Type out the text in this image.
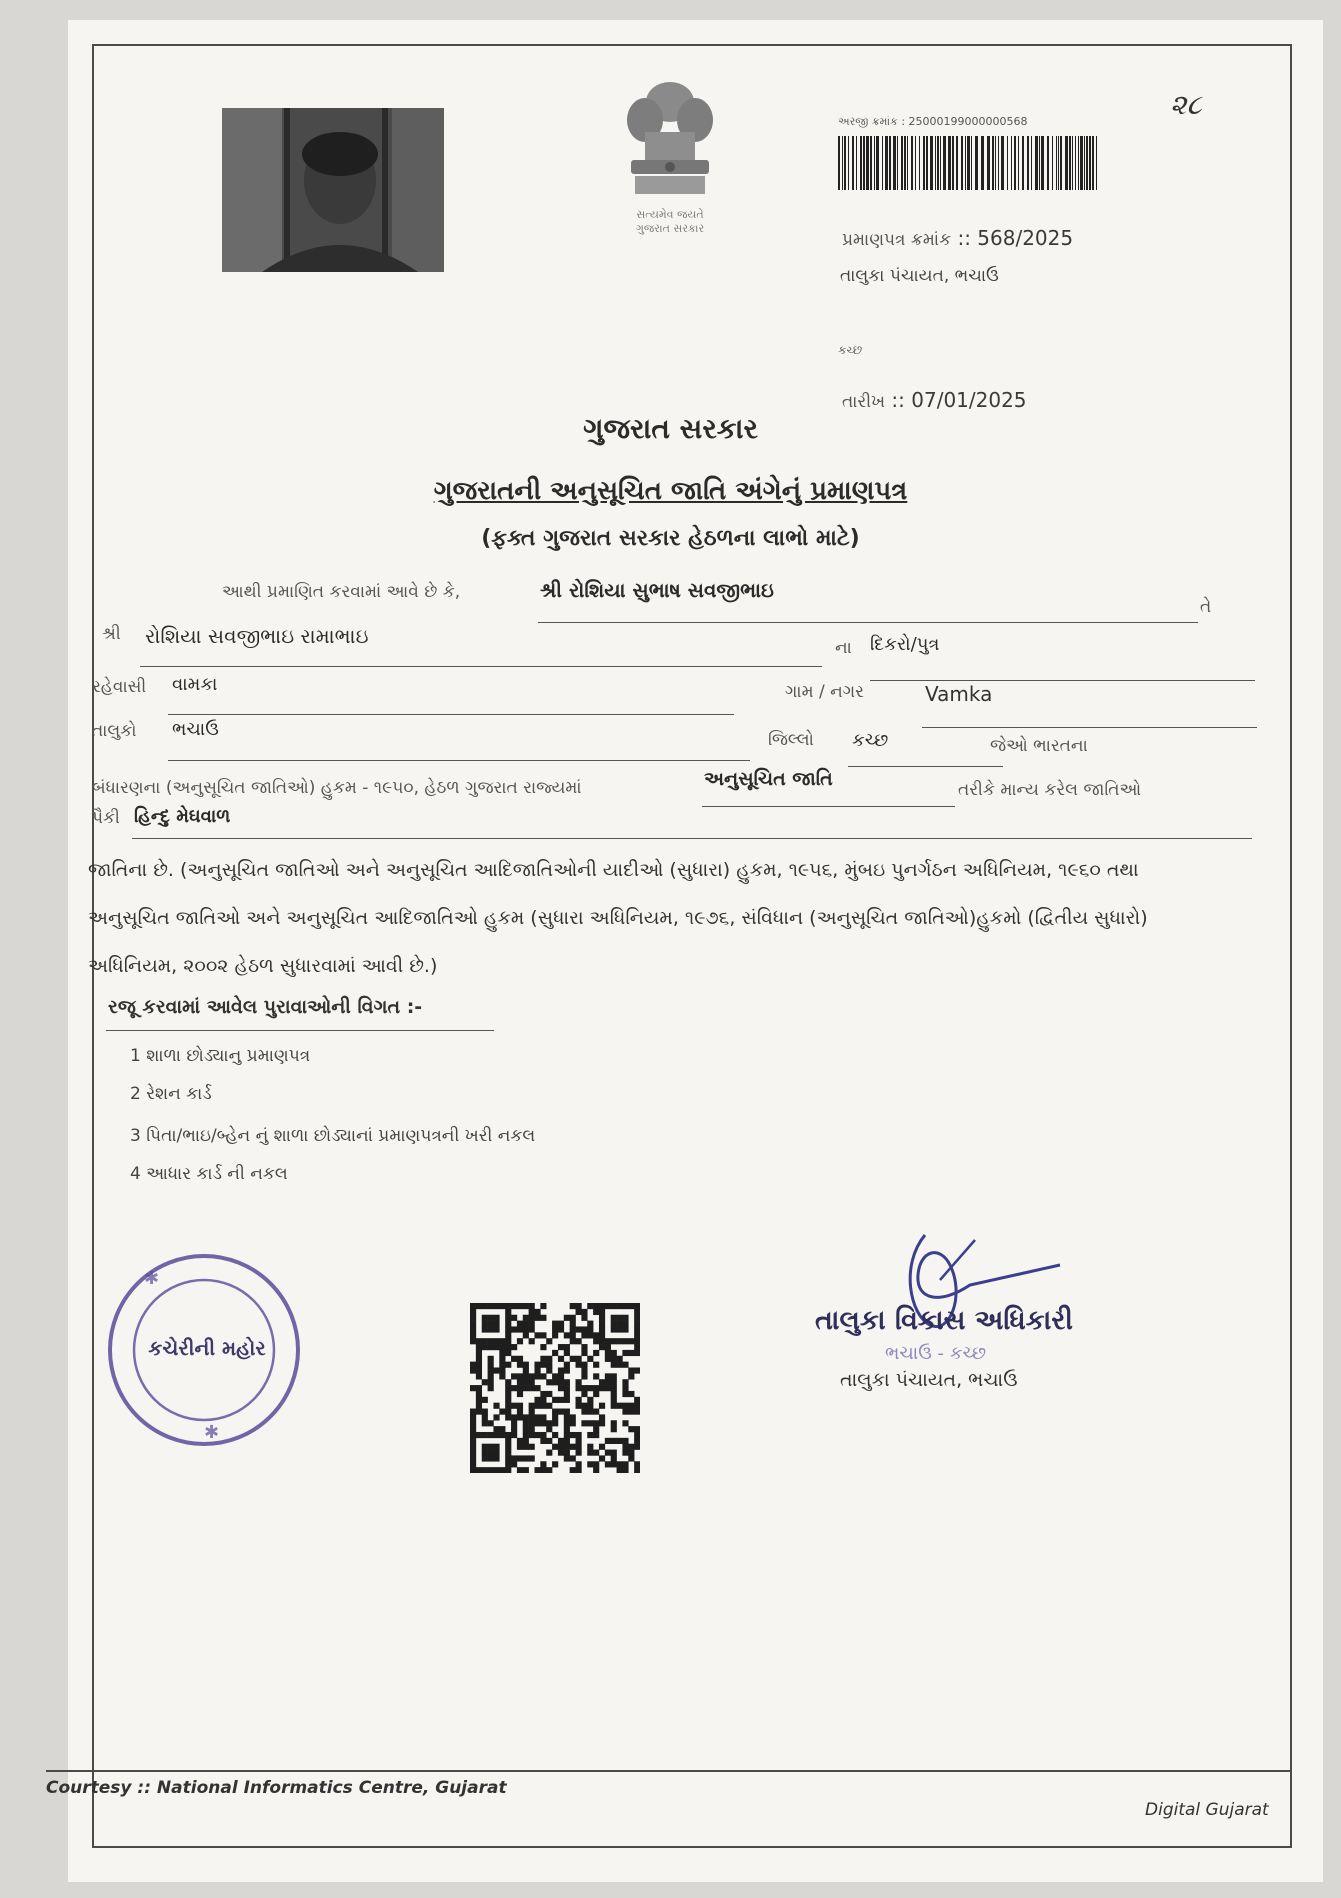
૨૮
સત્યમેવ જયતે
ગુજરાત સરકાર
અરજી ક્રમાંક : 25000199000000568
પ્રમાણપત્ર ક્રમાંક :: 568/2025
તાલુકા પંચાયત, ભચાઉ
કચ્છ
તારીખ :: 07/01/2025
ગુજરાત સરકાર
ગુજરાતની અનુસૂચિત જાતિ અંગેનું પ્રમાણપત્ર
(ફક્ત ગુજરાત સરકાર હેઠળના લાભો માટે)
આથી પ્રમાણિત કરવામાં આવે છે કે,	શ્રી રોશિયા સુભાષ સવજીભાઇ
તે
શ્રી રોશિયા સવજીભાઇ રામાભાઇ	ના દિકરો/પુત્ર
રહેવાસી વામકા	ગામ / નગર	Vamka
તાલુકો ભચાઉ	જિલ્લો કચ્છ	જેઓ ભારતના
બંધારણના (અનુસૂચિત જાતિઓ) હુકમ - ૧૯૫૦, હેઠળ ગુજરાત રાજ્યમાં	અનુસૂચિત જાતિ	તરીકે માન્ય કરેલ જાતિઓ
પૈકી હિન્દુ મેઘવાળ
જાતિના છે. (અનુસૂચિત જાતિઓ અને અનુસૂચિત આદિજાતિઓની યાદીઓ (સુધારા) હુકમ, ૧૯૫૬, મુંબઇ પુનર્ગઠન અધિનિયમ, ૧૯૬૦ તથા
અનુસૂચિત જાતિઓ અને અનુસૂચિત આદિજાતિઓ હુકમ (સુધારા અધિનિયમ, ૧૯૭૬, સંવિધાન (અનુસૂચિત જાતિઓ)હુકમો (દ્વિતીય સુધારો)
અધિનિયમ, ૨૦૦૨ હેઠળ સુધારવામાં આવી છે.)
રજૂ કરવામાં આવેલ પુરાવાઓની વિગત :-
1 શાળા છોડ્યાનુ પ્રમાણપત્ર
2 રેશન કાર્ડ
3 પિતા/ભાઇ/બ્હેન નું શાળા છોડ્યાનાં પ્રમાણપત્રની ખરી નકલ
4 આધાર કાર્ડ ની નકલ
✱
✱
કચેરીની મહોર
તાલુકા વિકાસ અધિકારી
ભચાઉ - કચ્છ
તાલુકા પંચાયત, ભચાઉ
Courtesy :: National Informatics Centre, Gujarat
Digital Gujarat
